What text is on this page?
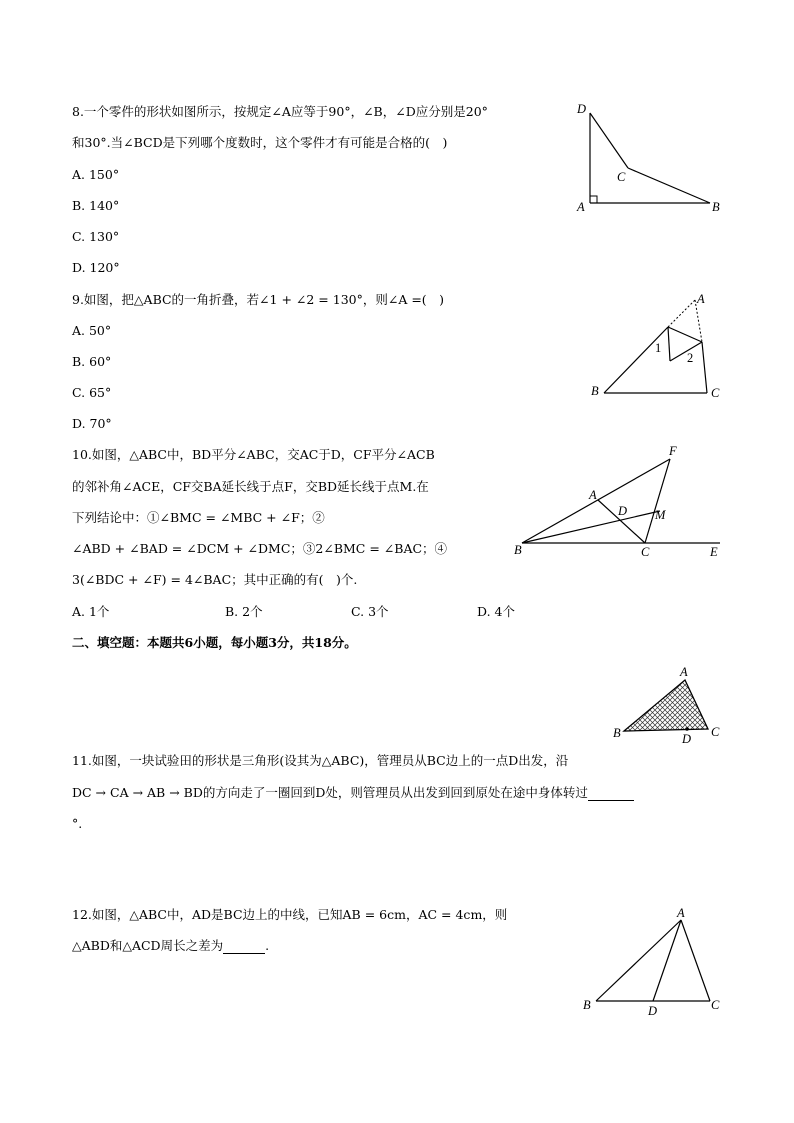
8.一个零件的形状如图所示，按规定∠A应等于90°，∠B，∠D应分别是20°
和30°.当∠BCD是下列哪个度数时，这个零件才有可能是合格的(　)
A. 150°
B. 140°
C. 130°
D. 120°
D
A
C
B
9.如图，把△ABC的一角折叠，若∠1 + ∠2 = 130°，则∠A =(　)
A. 50°
B. 60°
C. 65°
D. 70°
A
B	C
1
2
10.如图，△ABC中，BD平分∠ABC，交AC于D，CF平分∠ACB
的邻补角∠ACE，CF交BA延长线于点F，交BD延长线于点M.在
下列结论中：①∠BMC = ∠MBC + ∠F；②
∠ABD + ∠BAD = ∠DCM + ∠DMC；③2∠BMC = ∠BAC；④
3(∠BDC + ∠F) = 4∠BAC；其中正确的有(　)个.
A. 1个	B. 2个	C. 3个	D. 4个
F
A
D M
B	C	E
二、填空题：本题共6小题，每小题3分，共18分。
A
B	C
D
11.如图，一块试验田的形状是三角形(设其为△ABC)，管理员从BC边上的一点D出发，沿
DC → CA → AB → BD的方向走了一圈回到D处，则管理员从出发到回到原处在途中身体转过
°.
12.如图，△ABC中，AD是BC边上的中线，已知AB = 6cm，AC = 4cm，则
△ABD和△ACD周长之差为	.
A
B	D	C
